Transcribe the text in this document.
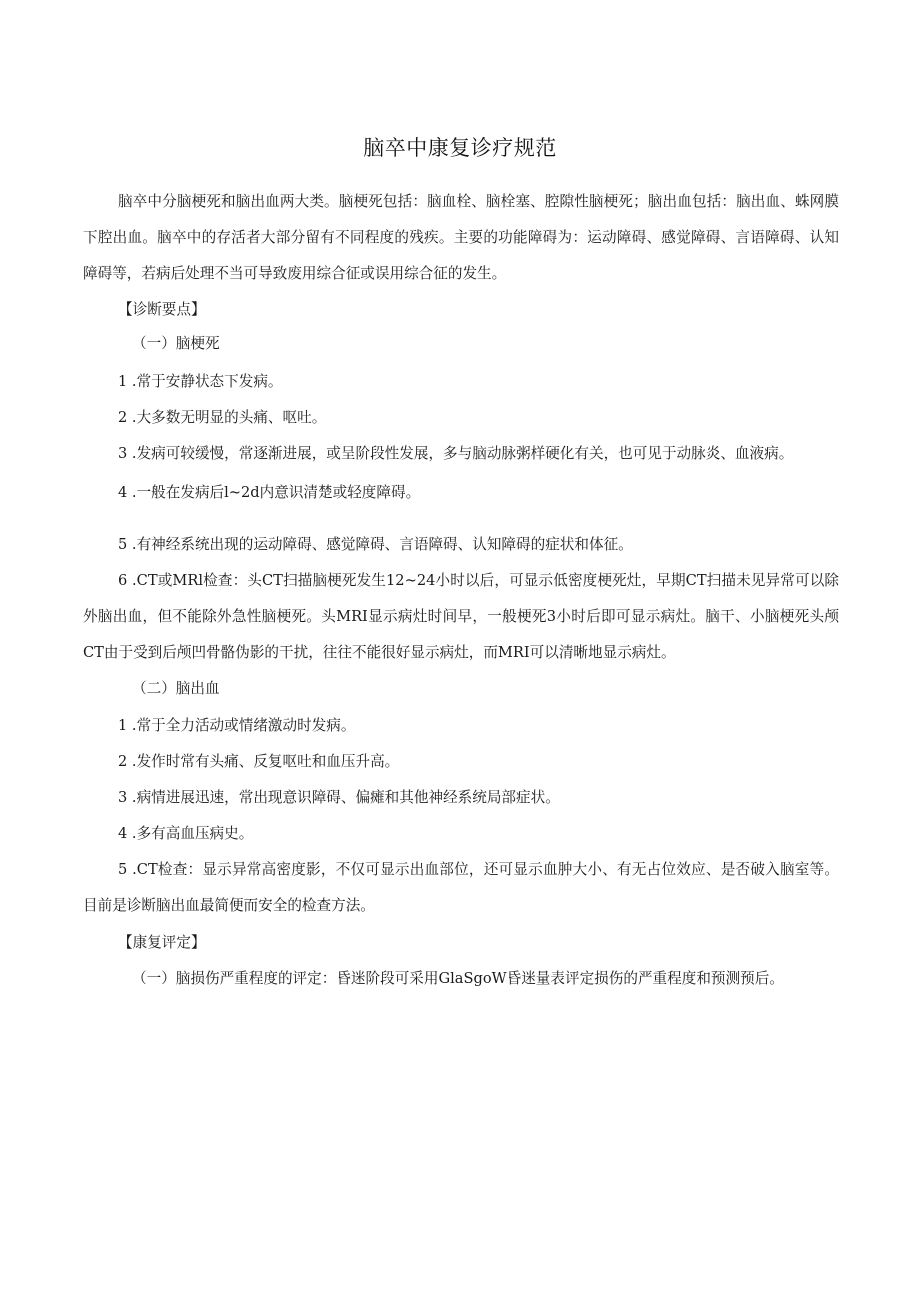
脑卒中康复诊疗规范
脑卒中分脑梗死和脑出血两大类。脑梗死包括：脑血栓、脑栓塞、腔隙性脑梗死；脑出血包括：脑出血、蛛网膜下腔出血。脑卒中的存活者大部分留有不同程度的残疾。主要的功能障碍为：运动障碍、感觉障碍、言语障碍、认知障碍等，若病后处理不当可导致废用综合征或误用综合征的发生。
【诊断要点】
（一）脑梗死
1 .常于安静状态下发病。
2 .大多数无明显的头痛、呕吐。
3 .发病可较缓慢，常逐渐进展，或呈阶段性发展，多与脑动脉粥样硬化有关，也可见于动脉炎、血液病。
4 .一般在发病后l~2d内意识清楚或轻度障碍。
5 .有神经系统出现的运动障碍、感觉障碍、言语障碍、认知障碍的症状和体征。
6 .CT或MRl检查：头CT扫描脑梗死发生12~24小时以后，可显示低密度梗死灶，早期CT扫描未见异常可以除外脑出血，但不能除外急性脑梗死。头MRI显示病灶时间早，一般梗死3小时后即可显示病灶。脑干、小脑梗死头颅CT由于受到后颅凹骨骼伪影的干扰，往往不能很好显示病灶，而MRI可以清晰地显示病灶。
（二）脑出血
1 .常于全力活动或情绪激动时发病。
2 .发作时常有头痛、反复呕吐和血压升高。
3 .病情进展迅速，常出现意识障碍、偏瘫和其他神经系统局部症状。
4 .多有高血压病史。
5 .CT检查：显示异常高密度影，不仅可显示出血部位，还可显示血肿大小、有无占位效应、是否破入脑室等。目前是诊断脑出血最简便而安全的检查方法。
【康复评定】
（一）脑损伤严重程度的评定：昏迷阶段可采用GlaSgoW昏迷量表评定损伤的严重程度和预测预后。
